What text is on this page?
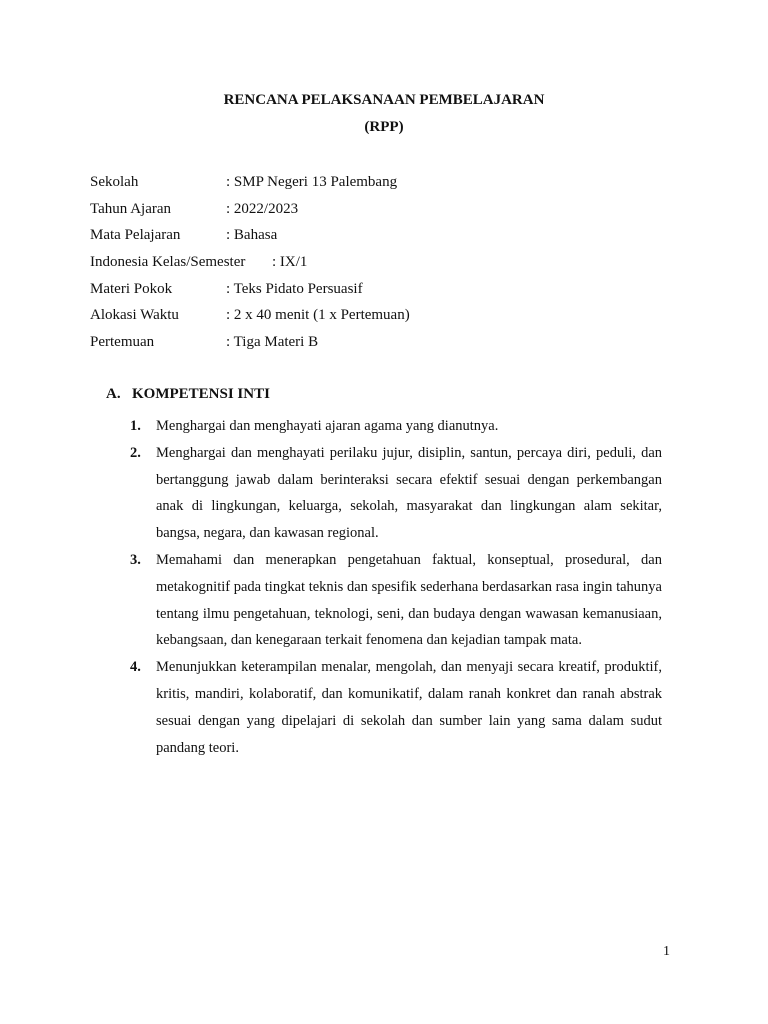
RENCANA PELAKSANAAN PEMBELAJARAN
(RPP)
Sekolah	: SMP Negeri 13 Palembang
Tahun Ajaran	: 2022/2023
Mata Pelajaran	: Bahasa
Indonesia Kelas/Semester : IX/1
Materi Pokok	: Teks Pidato Persuasif
Alokasi Waktu	: 2 x 40 menit (1 x Pertemuan)
Pertemuan	: Tiga Materi B
A. KOMPETENSI INTI

1. Menghargai dan menghayati ajaran agama yang dianutnya.

2. Menghargai dan menghayati perilaku jujur, disiplin, santun, percaya diri, peduli, dan bertanggung jawab dalam berinteraksi secara efektif sesuai dengan perkembangan anak di lingkungan, keluarga, sekolah, masyarakat dan lingkungan alam sekitar, bangsa, negara, dan kawasan regional.

3. Memahami dan menerapkan pengetahuan faktual, konseptual, prosedural, dan metakognitif pada tingkat teknis dan spesifik sederhana berdasarkan rasa ingin tahunya tentang ilmu pengetahuan, teknologi, seni, dan budaya dengan wawasan kemanusiaan, kebangsaan, dan kenegaraan terkait fenomena dan kejadian tampak mata.

4. Menunjukkan keterampilan menalar, mengolah, dan menyaji secara kreatif, produktif, kritis, mandiri, kolaboratif, dan komunikatif, dalam ranah konkret dan ranah abstrak sesuai dengan yang dipelajari di sekolah dan sumber lain yang sama dalam sudut pandang teori.

1
